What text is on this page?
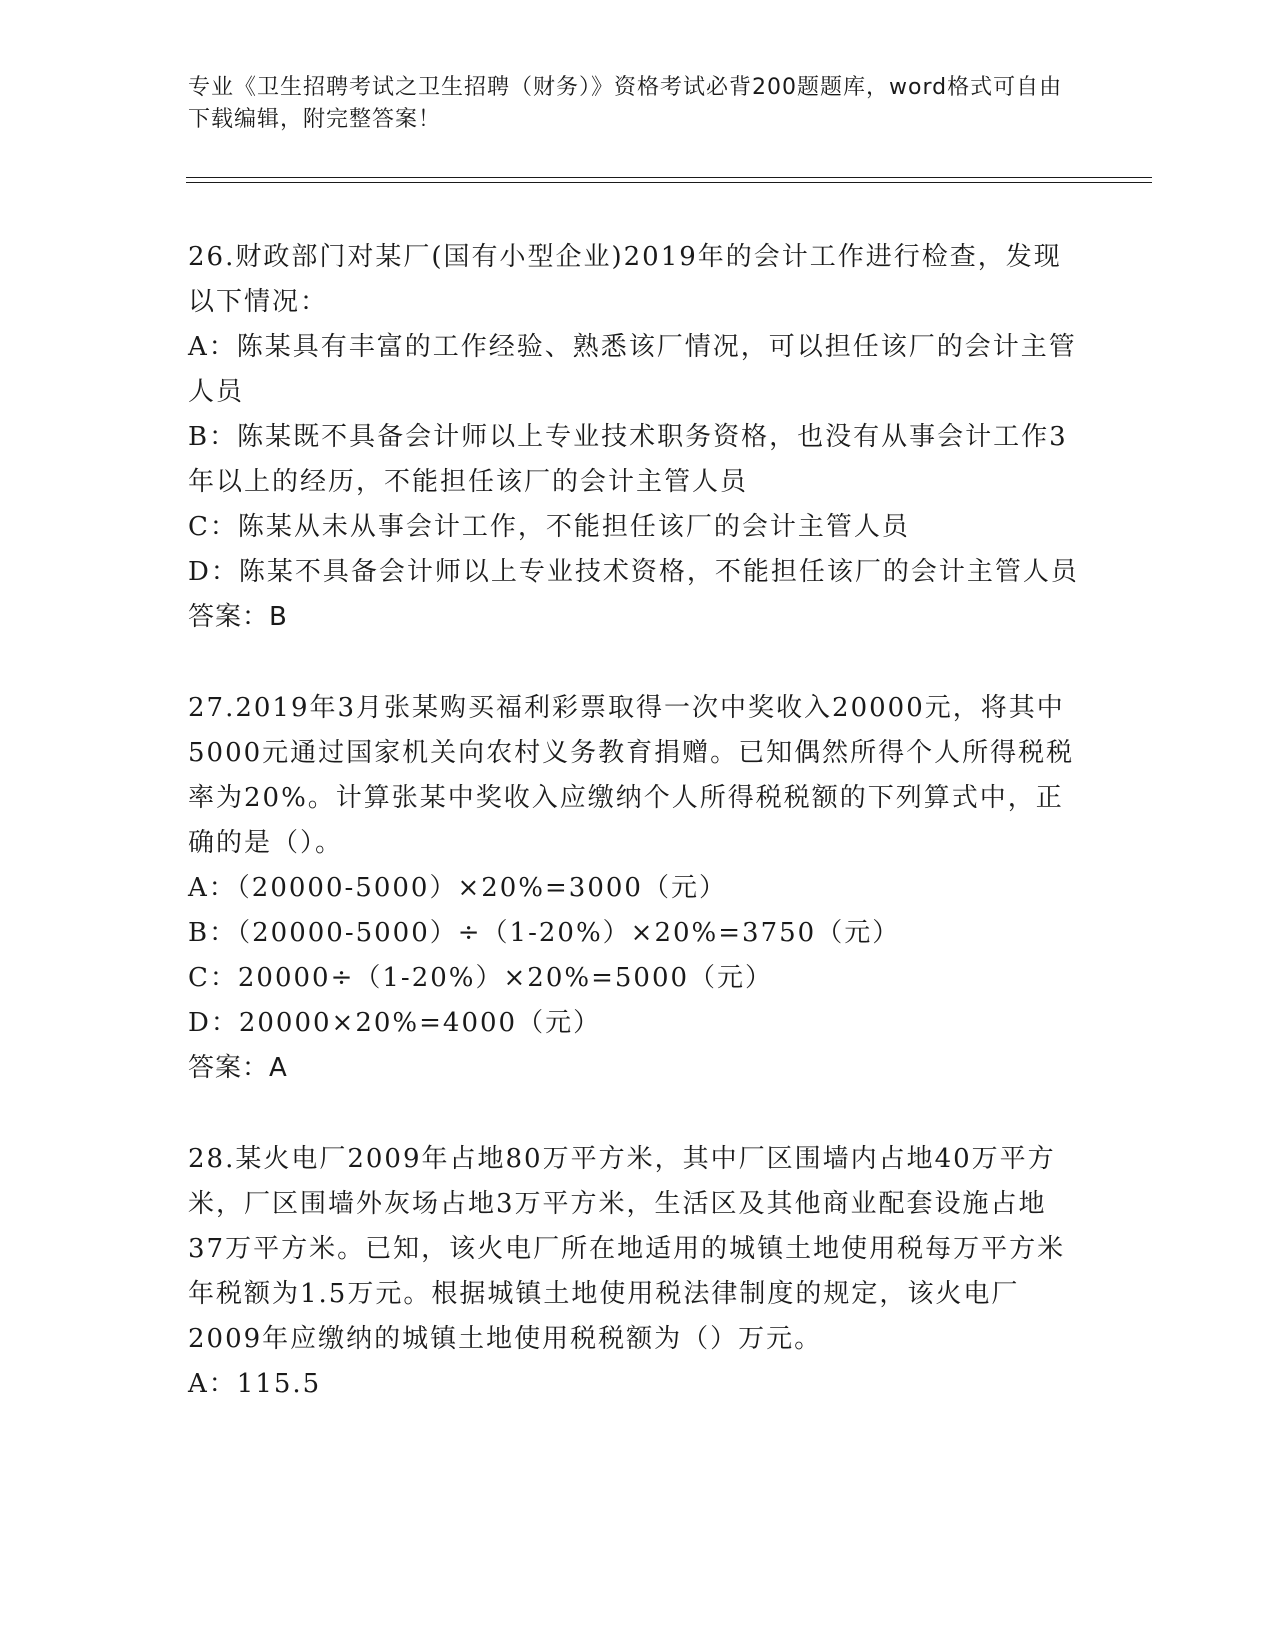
专业《卫生招聘考试之卫生招聘（财务）》资格考试必背200题题库，word格式可自由下载编辑，附完整答案！

26.财政部门对某厂(国有小型企业)2019年的会计工作进行检查，发现以下情况：

A：陈某具有丰富的工作经验、熟悉该厂情况，可以担任该厂的会计主管人员

B：陈某既不具备会计师以上专业技术职务资格，也没有从事会计工作3年以上的经历，不能担任该厂的会计主管人员

C：陈某从未从事会计工作，不能担任该厂的会计主管人员

D：陈某不具备会计师以上专业技术资格，不能担任该厂的会计主管人员

答案：B

27.2019年3月张某购买福利彩票取得一次中奖收入20000元，将其中5000元通过国家机关向农村义务教育捐赠。已知偶然所得个人所得税税率为20%。计算张某中奖收入应缴纳个人所得税税额的下列算式中，正确的是（）。

A：（20000-5000）×20%=3000（元）

B：（20000-5000）÷（1-20%）×20%=3750（元）

C：20000÷（1-20%）×20%=5000（元）

D：20000×20%=4000（元）

答案：A

28.某火电厂2009年占地80万平方米，其中厂区围墙内占地40万平方米，厂区围墙外灰场占地3万平方米，生活区及其他商业配套设施占地37万平方米。已知，该火电厂所在地适用的城镇土地使用税每万平方米年税额为1.5万元。根据城镇土地使用税法律制度的规定，该火电厂2009年应缴纳的城镇土地使用税税额为（）万元。

A：115.5
